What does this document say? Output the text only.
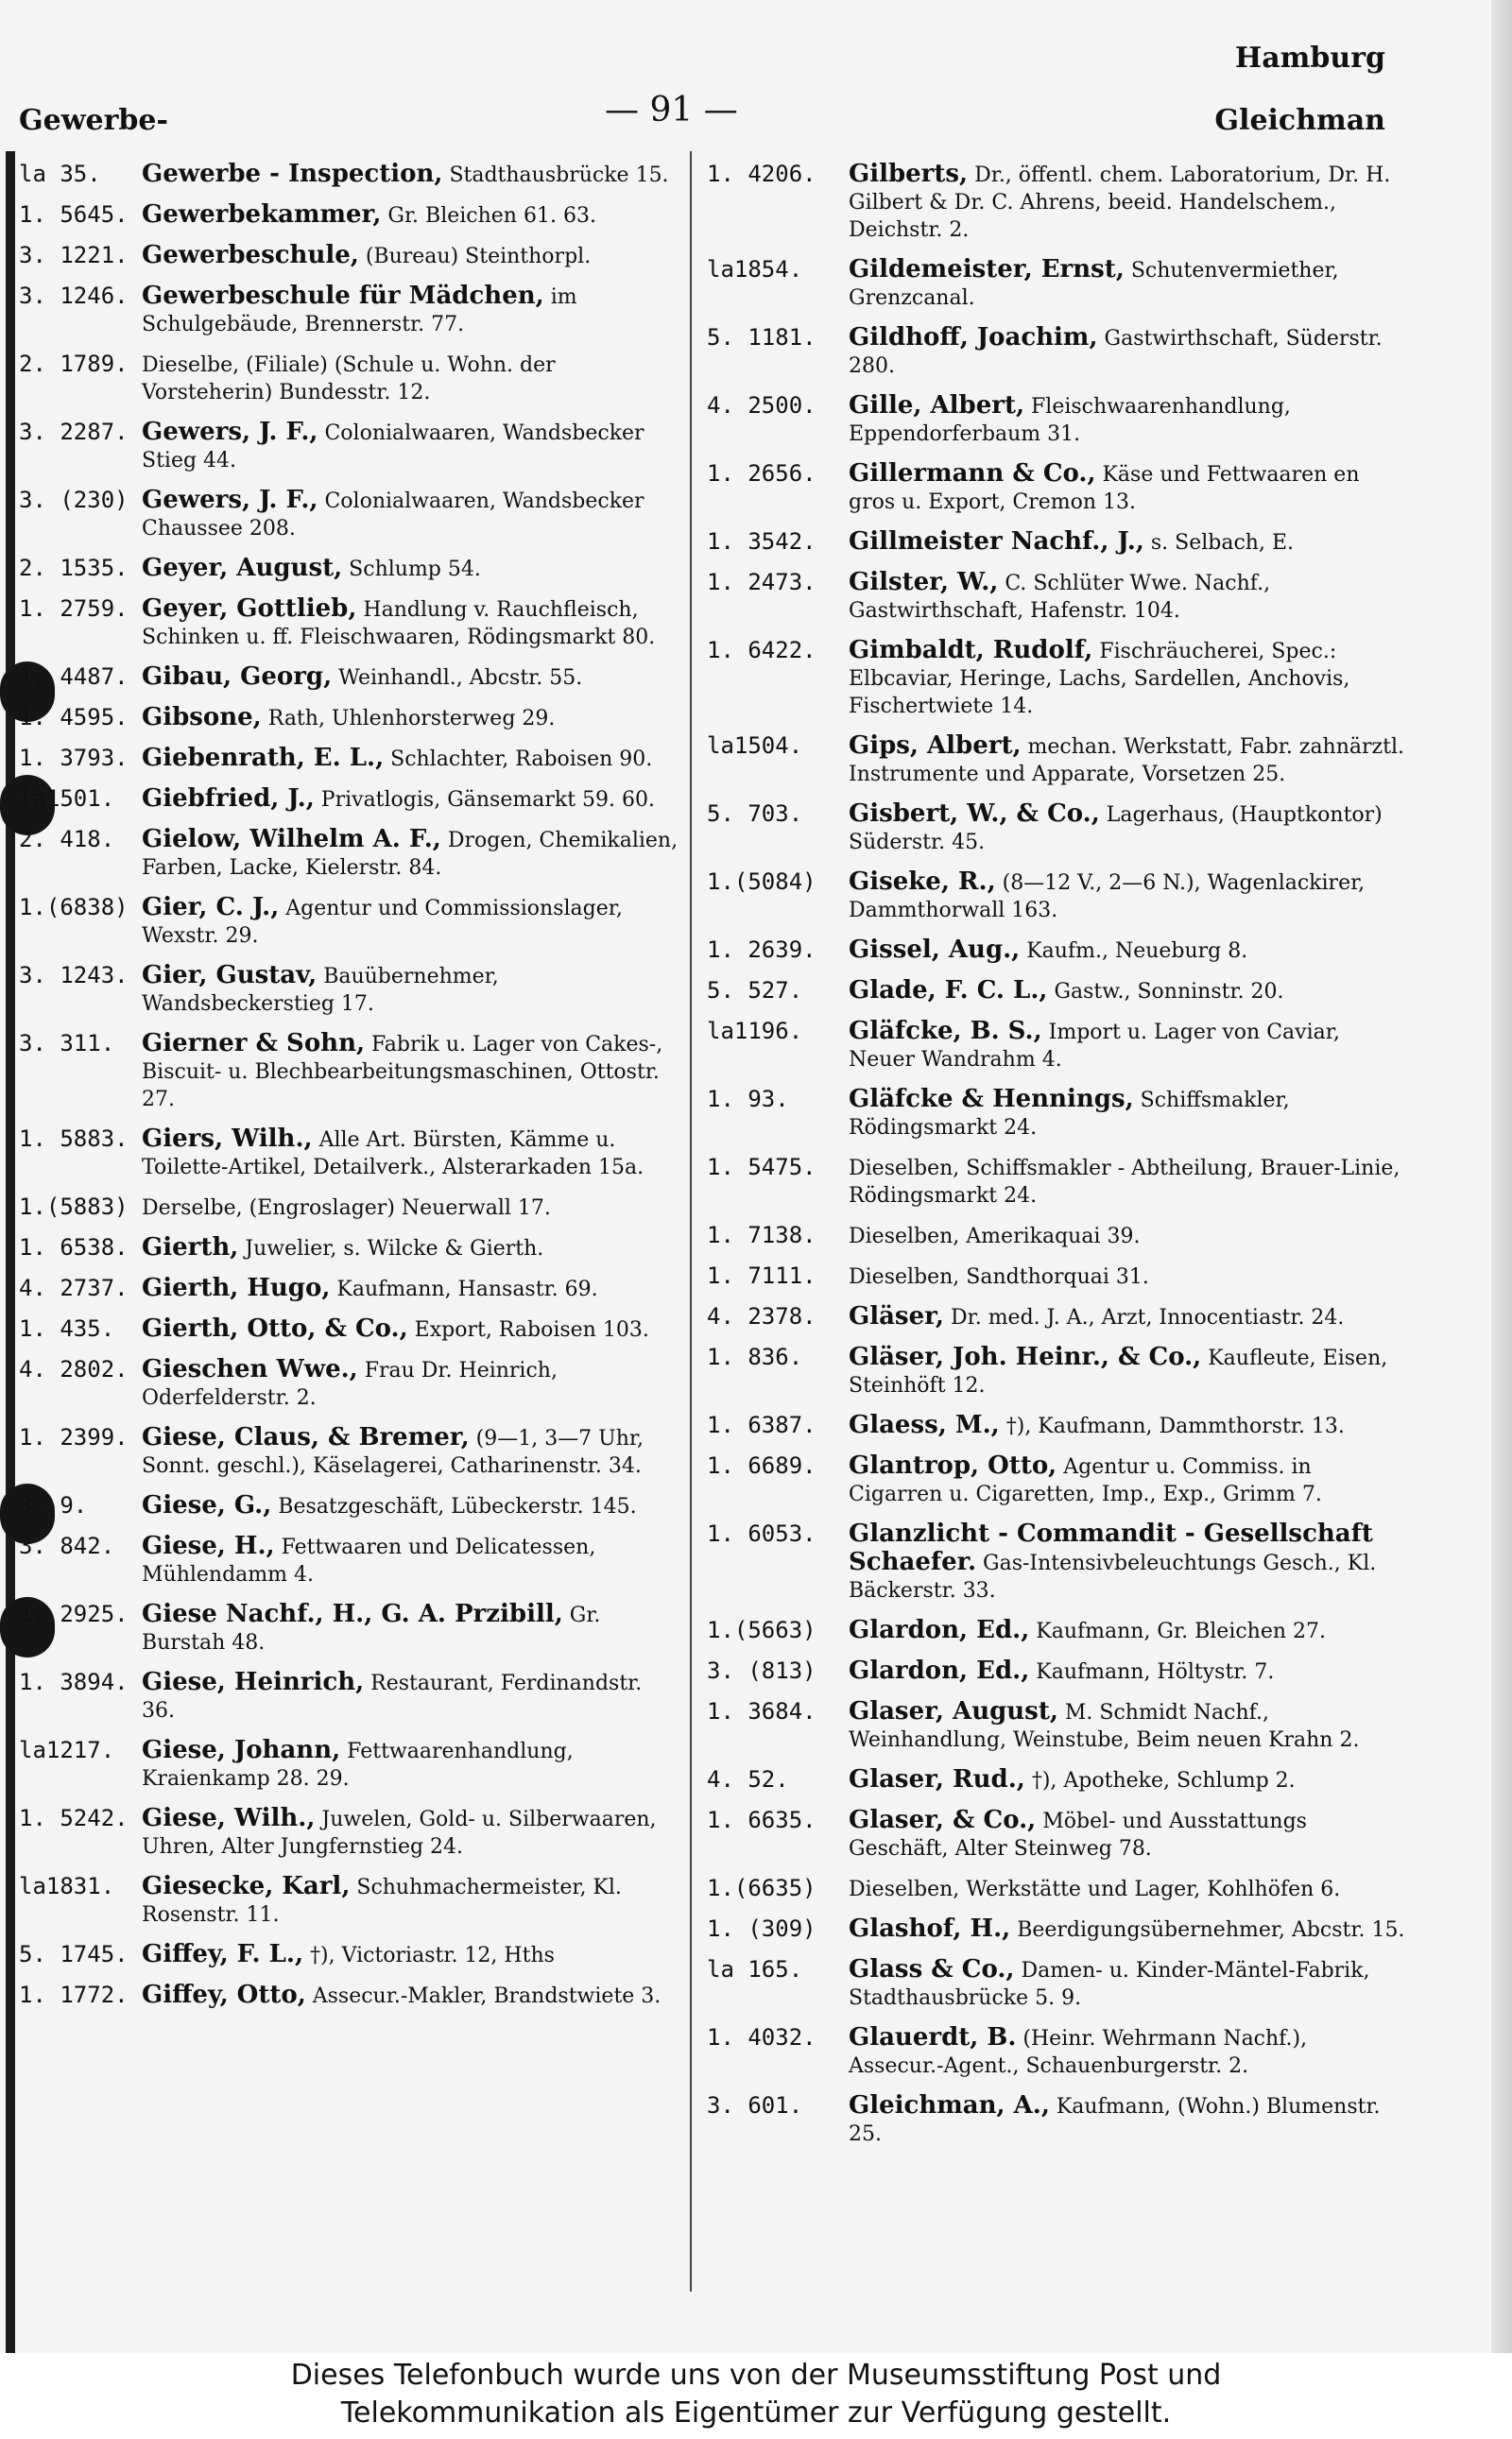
Hamburg
Gewerbe-	— 91 —	Gleichman
la 35. Gewerbe - Inspection, Stadthausbrücke 15.
1. 5645. Gewerbekammer, Gr. Bleichen 61. 63.
3. 1221. Gewerbeschule, (Bureau) Steinthorpl.
3. 1246. Gewerbeschule für Mädchen, im Schulgebäude, Brennerstr. 77.
2. 1789. Dieselbe, (Filiale) (Schule u. Wohn. der Vorsteherin) Bundesstr. 12.
3. 2287. Gewers, J. F., Colonialwaaren, Wandsbecker Stieg 44.
3. (230) Gewers, J. F., Colonialwaaren, Wandsbecker Chaussee 208.
2. 1535. Geyer, August, Schlump 54.
1. 2759. Geyer, Gottlieb, Handlung v. Rauchfleisch, Schinken u. ff. Fleischwaaren, Rödingsmarkt 80.
1. 4487. Gibau, Georg, Weinhandl., Abcstr. 55.
1. 4595. Gibsone, Rath, Uhlenhorsterweg 29.
1. 3793. Giebenrath, E. L., Schlachter, Raboisen 90.
la1501. Giebfried, J., Privatlogis, Gänsemarkt 59. 60.
2. 418. Gielow, Wilhelm A. F., Drogen, Chemikalien, Farben, Lacke, Kielerstr. 84.
1.(6838) Gier, C. J., Agentur und Commissionslager, Wexstr. 29.
3. 1243. Gier, Gustav, Bauübernehmer, Wandsbeckerstieg 17.
3. 311. Gierner & Sohn, Fabrik u. Lager von Cakes-, Biscuit- u. Blechbearbeitungsmaschinen, Ottostr. 27.
1. 5883. Giers, Wilh., Alle Art. Bürsten, Kämme u. Toilette-Artikel, Detailverk., Alsterarkaden 15a.
1.(5883) Derselbe, (Engroslager) Neuerwall 17.
1. 6538. Gierth, Juwelier, s. Wilcke & Gierth.
4. 2737. Gierth, Hugo, Kaufmann, Hansastr. 69.
1. 435. Gierth, Otto, & Co., Export, Raboisen 103.
4. 2802. Gieschen Wwe., Frau Dr. Heinrich, Oderfelderstr. 2.
1. 2399. Giese, Claus, & Bremer, (9—1, 3—7 Uhr, Sonnt. geschl.), Käselagerei, Catharinenstr. 34.
3. 9. Giese, G., Besatzgeschäft, Lübeckerstr. 145.
3. 842. Giese, H., Fettwaaren und Delicatessen, Mühlendamm 4.
1. 2925. Giese Nachf., H., G. A. Przibill, Gr. Burstah 48.
1. 3894. Giese, Heinrich, Restaurant, Ferdinandstr. 36.
la1217. Giese, Johann, Fettwaarenhandlung, Kraienkamp 28. 29.
1. 5242. Giese, Wilh., Juwelen, Gold- u. Silberwaaren, Uhren, Alter Jungfernstieg 24.
la1831. Giesecke, Karl, Schuhmachermeister, Kl. Rosenstr. 11.
5. 1745. Giffey, F. L., †), Victoriastr. 12, Hths
1. 1772. Giffey, Otto, Assecur.-Makler, Brandstwiete 3.
1. 4206. Gilberts, Dr., öffentl. chem. Laboratorium, Dr. H. Gilbert & Dr. C. Ahrens, beeid. Handelschem., Deichstr. 2.
la1854. Gildemeister, Ernst, Schutenvermiether, Grenzcanal.
5. 1181. Gildhoff, Joachim, Gastwirthschaft, Süderstr. 280.
4. 2500. Gille, Albert, Fleischwaarenhandlung, Eppendorferbaum 31.
1. 2656. Gillermann & Co., Käse und Fettwaaren en gros u. Export, Cremon 13.
1. 3542. Gillmeister Nachf., J., s. Selbach, E.
1. 2473. Gilster, W., C. Schlüter Wwe. Nachf., Gastwirthschaft, Hafenstr. 104.
1. 6422. Gimbaldt, Rudolf, Fischräucherei, Spec.: Elbcaviar, Heringe, Lachs, Sardellen, Anchovis, Fischertwiete 14.
la1504. Gips, Albert, mechan. Werkstatt, Fabr. zahnärztl. Instrumente und Apparate, Vorsetzen 25.
5. 703. Gisbert, W., & Co., Lagerhaus, (Hauptkontor) Süderstr. 45.
1.(5084) Giseke, R., (8—12 V., 2—6 N.), Wagenlackirer, Dammthorwall 163.
1. 2639. Gissel, Aug., Kaufm., Neueburg 8.
5. 527. Glade, F. C. L., Gastw., Sonninstr. 20.
la1196. Gläfcke, B. S., Import u. Lager von Caviar, Neuer Wandrahm 4.
1. 93. Gläfcke & Hennings, Schiffsmakler, Rödingsmarkt 24.
1. 5475. Dieselben, Schiffsmakler - Abtheilung, Brauer-Linie, Rödingsmarkt 24.
1. 7138. Dieselben, Amerikaquai 39.
1. 7111. Dieselben, Sandthorquai 31.
4. 2378. Gläser, Dr. med. J. A., Arzt, Innocentiastr. 24.
1. 836. Gläser, Joh. Heinr., & Co., Kaufleute, Eisen, Steinhöft 12.
1. 6387. Glaess, M., †), Kaufmann, Dammthorstr. 13.
1. 6689. Glantrop, Otto, Agentur u. Commiss. in Cigarren u. Cigaretten, Imp., Exp., Grimm 7.
1. 6053. Glanzlicht - Commandit - Gesellschaft Schaefer. Gas-Intensivbeleuchtungs Gesch., Kl. Bäckerstr. 33.
1.(5663) Glardon, Ed., Kaufmann, Gr. Bleichen 27.
3. (813) Glardon, Ed., Kaufmann, Höltystr. 7.
1. 3684. Glaser, August, M. Schmidt Nachf., Weinhandlung, Weinstube, Beim neuen Krahn 2.
4. 52. Glaser, Rud., †), Apotheke, Schlump 2.
1. 6635. Glaser, & Co., Möbel- und Ausstattungs Geschäft, Alter Steinweg 78.
1.(6635) Dieselben, Werkstätte und Lager, Kohlhöfen 6.
1. (309) Glashof, H., Beerdigungsübernehmer, Abcstr. 15.
la 165. Glass & Co., Damen- u. Kinder-Mäntel-Fabrik, Stadthausbrücke 5. 9.
1. 4032. Glauerdt, B. (Heinr. Wehrmann Nachf.), Assecur.-Agent., Schauenburgerstr. 2.
3. 601. Gleichman, A., Kaufmann, (Wohn.) Blumenstr. 25.
Dieses Telefonbuch wurde uns von der Museumsstiftung Post und
Telekommunikation als Eigentümer zur Verfügung gestellt.
